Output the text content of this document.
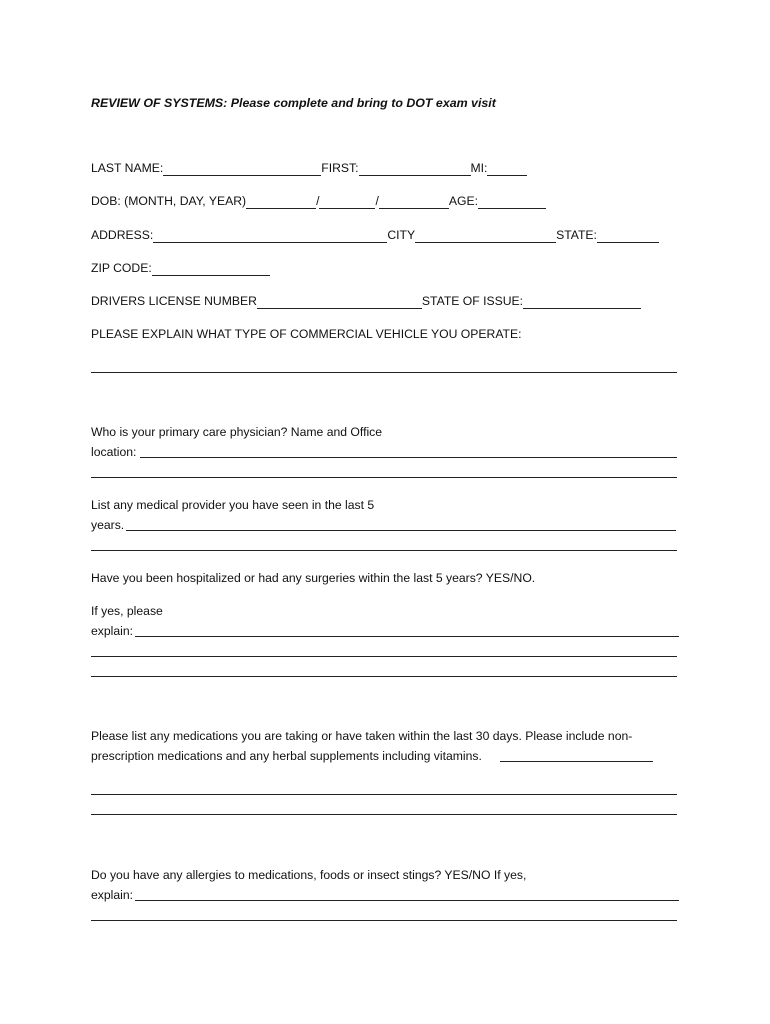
REVIEW OF SYSTEMS: Please complete and bring to DOT exam visit
LAST NAME:	FIRST:	MI:
DOB: (MONTH, DAY, YEAR)	/	/	AGE:
ADDRESS:	CITY	STATE:
ZIP CODE:
DRIVERS LICENSE NUMBER	STATE OF ISSUE:
PLEASE EXPLAIN WHAT TYPE OF COMMERCIAL VEHICLE YOU OPERATE:
Who is your primary care physician? Name and Office
location:
List any medical provider you have seen in the last 5
years.
Have you been hospitalized or had any surgeries within the last 5 years? YES/NO.
If yes, please
explain:
Please list any medications you are taking or have taken within the last 30 days. Please include non-
prescription medications and any herbal supplements including vitamins.
Do you have any allergies to medications, foods or insect stings? YES/NO If yes,
explain:
